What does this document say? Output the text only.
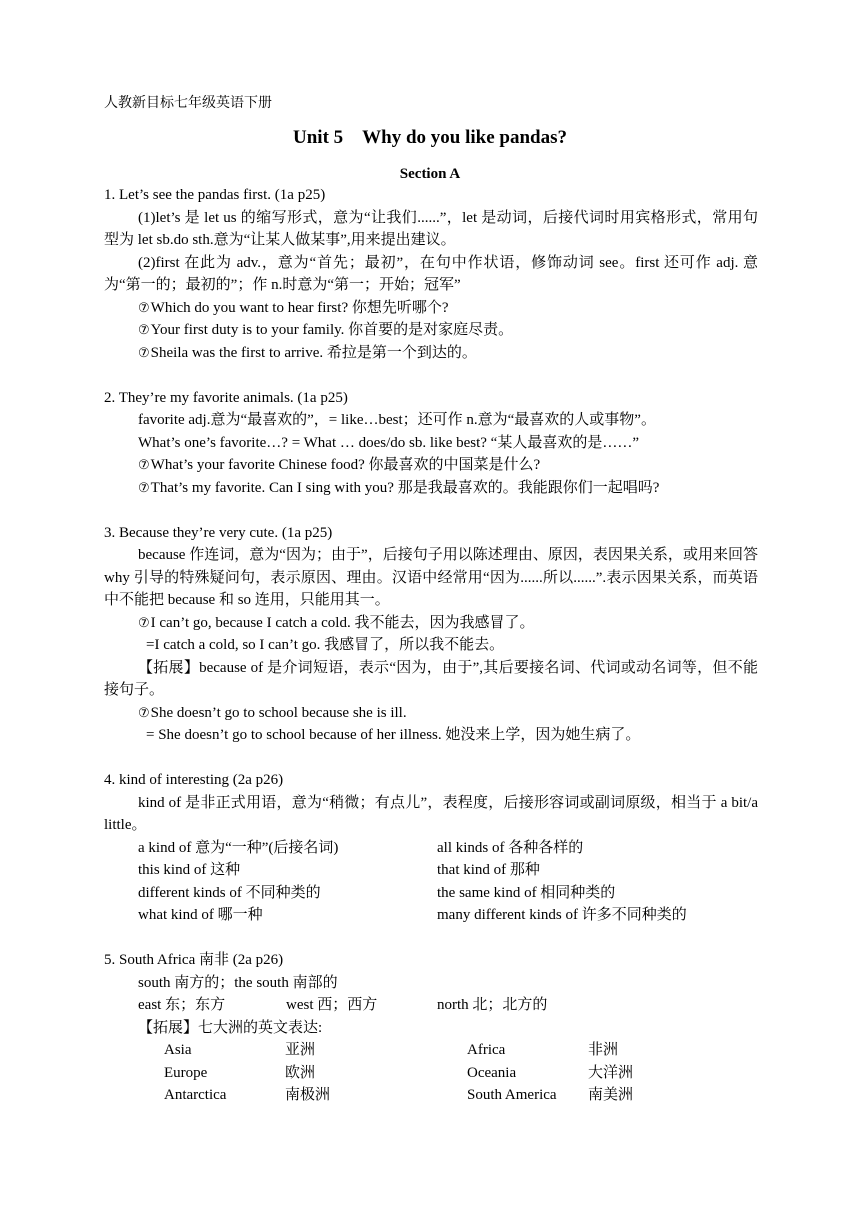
人教新目标七年级英语下册
Unit 5　Why do you like pandas?
Section A

1. Let’s see the pandas first. (1a p25)

(1)let’s 是 let us 的缩写形式，意为“让我们......”，let 是动词，后接代词时用宾格形式，常用句型为 let sb.do sth.意为“让某人做某事”,用来提出建议。

(2)first 在此为 adv.，意为“首先；最初”，在句中作状语，修饰动词 see。first 还可作 adj. 意为“第一的；最初的”；作 n.时意为“第一；开始；冠军”

⑦Which do you want to hear first? 你想先听哪个?

⑦Your first duty is to your family. 你首要的是对家庭尽责。

⑦Sheila was the first to arrive. 希拉是第一个到达的。

2. They’re my favorite animals. (1a p25)

favorite adj.意为“最喜欢的”，= like…best；还可作 n.意为“最喜欢的人或事物”。

What’s one’s favorite…? = What … does/do sb. like best? “某人最喜欢的是……”

⑦What’s your favorite Chinese food? 你最喜欢的中国菜是什么?

⑦That’s my favorite. Can I sing with you? 那是我最喜欢的。我能跟你们一起唱吗?

3. Because they’re very cute. (1a p25)

because 作连词，意为“因为；由于”，后接句子用以陈述理由、原因，表因果关系，或用来回答 why 引导的特殊疑问句，表示原因、理由。汉语中经常用“因为......所以......”.表示因果关系，而英语中不能把 because 和 so 连用，只能用其一。

⑦I can’t go, because I catch a cold. 我不能去，因为我感冒了。

=I catch a cold, so I can’t go. 我感冒了，所以我不能去。

【拓展】because of 是介词短语，表示“因为，由于”,其后要接名词、代词或动名词等，但不能接句子。

⑦She doesn’t go to school because she is ill.

= She doesn’t go to school because of her illness. 她没来上学，因为她生病了。

4. kind of interesting (2a p26)

kind of 是非正式用语，意为“稍微；有点儿”，表程度，后接形容词或副词原级，相当于 a bit/a little。

a kind of 意为“一种”(后接名词)	all kinds of 各种各样的
this kind of 这种	that kind of 那种
different kinds of 不同种类的	the same kind of 相同种类的
what kind of 哪一种	many different kinds of 许多不同种类的

5. South Africa 南非 (2a p26)

south 南方的；the south 南部的

east 东；东方	west 西；西方	north 北；北方的

【拓展】七大洲的英文表达:

Asia	亚洲	Africa	非洲
Europe	欧洲	Oceania	大洋洲
Antarctica	南极洲	South America	南美洲
